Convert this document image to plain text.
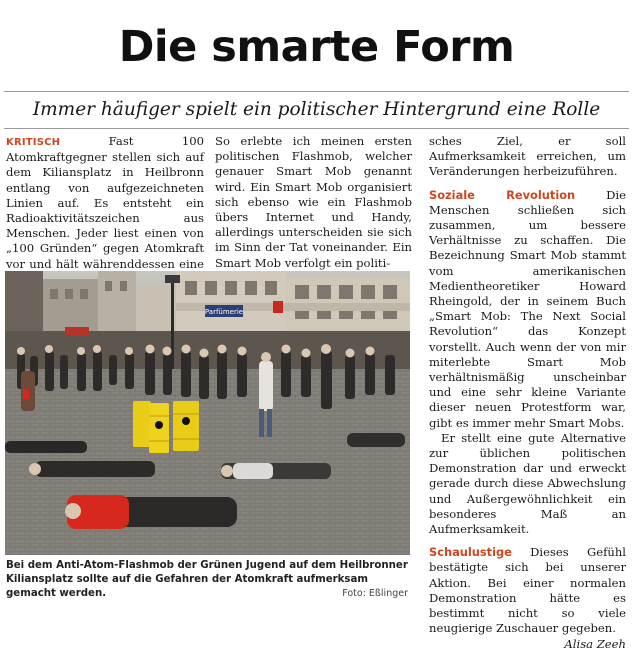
Die smarte Form
Immer häufiger spielt ein politischer Hintergrund eine Rolle

KRITISCH	Fast 100 Atomkraftgegner stellen sich auf dem Kiliansplatz in Heilbronn entlang von aufgezeichneten Linien auf. Es entsteht ein Radioaktivitätszeichen aus Menschen. Jeder liest einen von „100 Gründen“ gegen Atomkraft vor und hält währenddessen eine

So erlebte ich meinen ersten politischen Flashmob, welcher genauer Smart Mob genannt wird. Ein Smart Mob organisiert sich ebenso wie ein Flashmob übers Internet und Handy, allerdings unterscheiden sie sich im Sinn der Tat voneinander. Ein Smart Mob verfolgt ein politi-

sches Ziel, er soll Aufmerksamkeit erreichen, um Veränderungen herbeizuführen.

Soziale Revolution	Die Menschen schließen sich zusammen, um bessere Verhältnisse zu schaffen. Die Bezeichnung Smart Mob stammt vom amerikanischen Medientheoretiker Howard Rheingold, der in seinem Buch „Smart Mob: The Next Social Revolution“ das Konzept vorstellt. Auch wenn der von mir miterlebte Smart Mob verhältnismäßig unscheinbar und eine sehr kleine Variante dieser neuen Protestform war, gibt es immer mehr Smart Mobs.

Er stellt eine gute Alternative zur üblichen politischen Demonstration dar und erweckt gerade durch diese Abwechslung und Außergewöhnlichkeit ein besonderes Maß an Aufmerksamkeit.

Schaulustige Dieses Gefühl bestätigte sich bei unserer Aktion. Bei einer normalen Demonstration hätte es bestimmt nicht so viele neugierige Zuschauer gegeben.
Alisa Zeeh

Parfümerie
Bei dem Anti-Atom-Flashmob der Grünen Jugend auf dem Heilbronner Kiliansplatz sollte auf die Gefahren der Atomkraft aufmerksam gemacht werden.	Foto: Eßlinger
